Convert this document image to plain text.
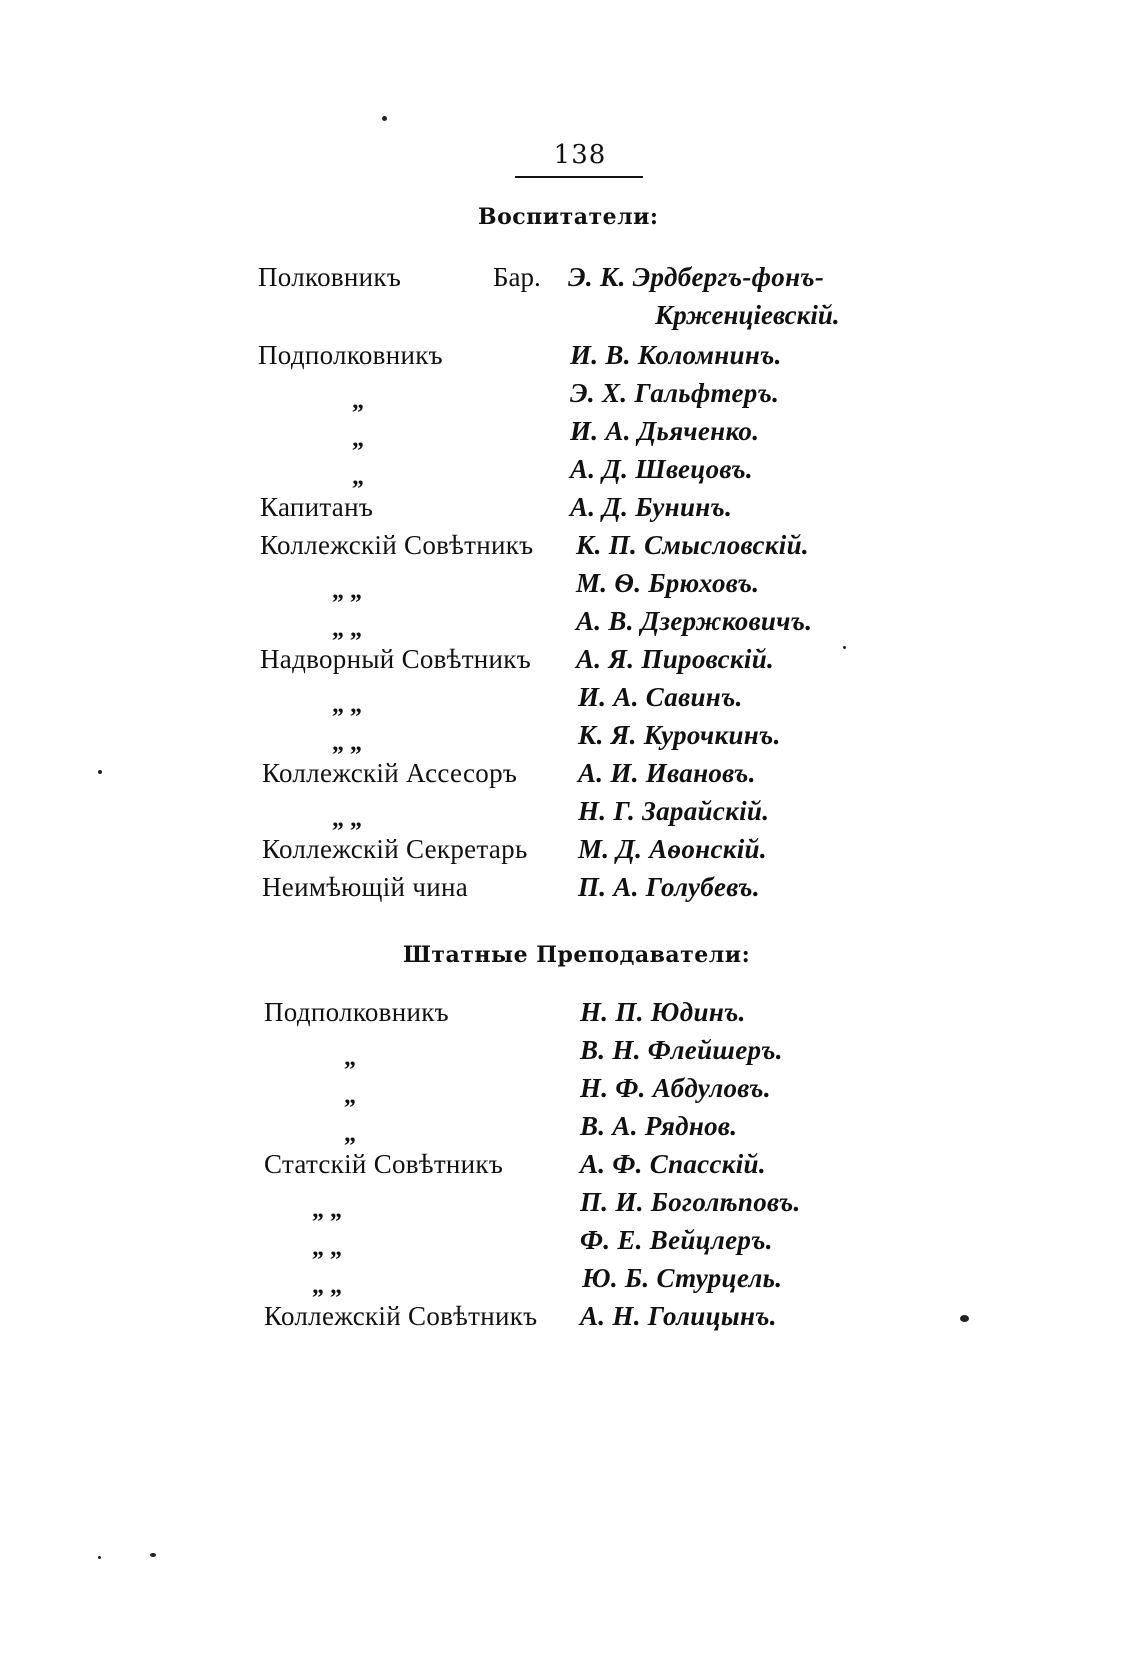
138
Воспитатели:
Полковникъ	Бар. Э. К. Эрдбергъ-фонъ-
Крженціевскій.
Подполковникъ	И. В. Коломнинъ.
„	Э. Х. Гальфтеръ.
„	И. А. Дьяченко.
„	А. Д. Швецовъ.
Капитанъ	А. Д. Бунинъ.
Коллежскій Совѣтникъ К. П. Смысловскій.
„ „	М. Ѳ. Брюховъ.
„ „	А. В. Дзержковичъ.
Надворный Совѣтникъ А. Я. Пировскій.
„ „	И. А. Савинъ.
„ „	К. Я. Курочкинъ.
Коллежскій Ассесоръ А. И. Ивановъ.
„ „	Н. Г. Зарайскій.
Коллежскій Секретарь М. Д. Аѳонскій.
Неимѣющій чина	П. А. Голубевъ.
Штатные Преподаватели:
Подполковникъ	Н. П. Юдинъ.
„	В. Н. Флейшеръ.
„	Н. Ф. Абдуловъ.
„	В. А. Ряднов.
Статскій Совѣтникъ	А. Ф. Спасскій.
„ „	П. И. Боголѣповъ.
„ „	Ф. Е. Вейцлеръ.
„ „	Ю. Б. Стурцель.
Коллежскій Совѣтникъ А. Н. Голицынъ.
